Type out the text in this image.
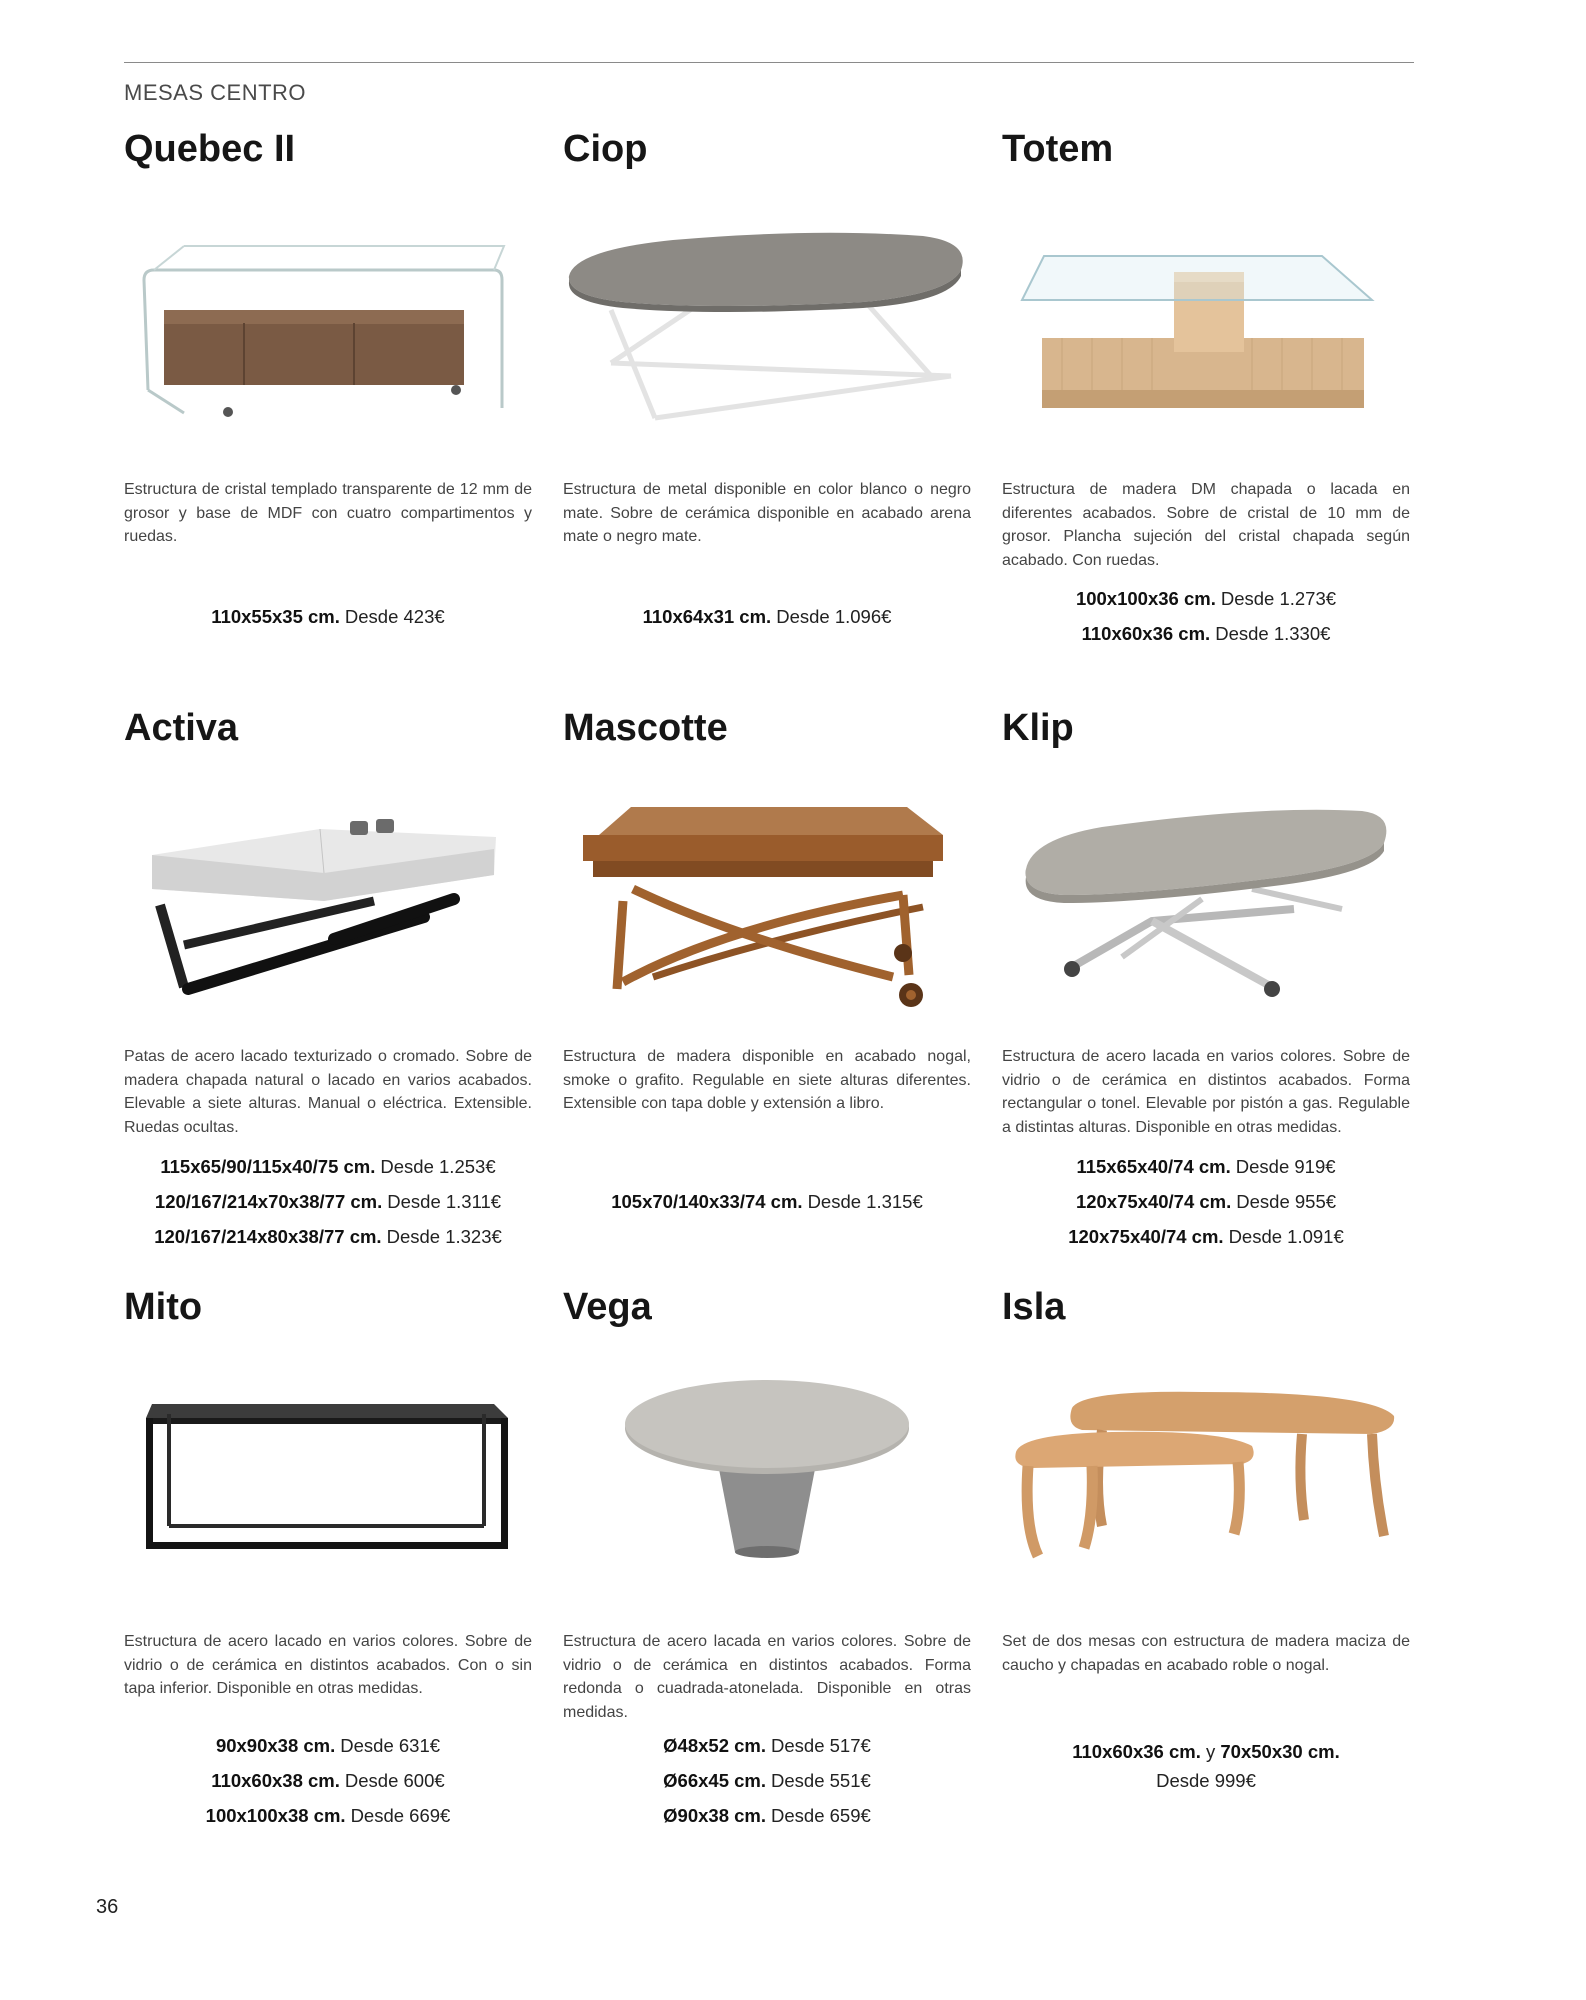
MESAS CENTRO
Quebec II
Estructura de cristal templado transparente de 12 mm de grosor y base de MDF con cuatro compartimentos y ruedas.
110x55x35 cm. Desde 423€
Ciop
Estructura de metal disponible en color blanco o negro mate. Sobre de cerámica disponible en acabado arena mate o negro mate.
110x64x31 cm. Desde 1.096€
Totem
Estructura de madera DM chapada o lacada en diferentes acabados. Sobre de cristal de 10 mm de grosor. Plancha sujeción del cristal chapada según acabado. Con ruedas.
100x100x36 cm. Desde 1.273€
110x60x36 cm. Desde 1.330€
Activa
Patas de acero lacado texturizado o cromado. Sobre de madera chapada natural o lacado en varios acabados. Elevable a siete alturas. Manual o eléctrica. Extensible. Ruedas ocultas.
115x65/90/115x40/75 cm. Desde 1.253€
120/167/214x70x38/77 cm. Desde 1.311€
120/167/214x80x38/77 cm. Desde 1.323€
Mascotte
Estructura de madera disponible en acabado nogal, smoke o grafito. Regulable en siete alturas diferentes. Extensible con tapa doble y extensión a libro.
105x70/140x33/74 cm. Desde 1.315€
Klip
Estructura de acero lacada en varios colores. Sobre de vidrio o de cerámica en distintos acabados. Forma rectangular o tonel. Elevable por pistón a gas. Regulable a distintas alturas. Disponible en otras medidas.
115x65x40/74 cm. Desde 919€
120x75x40/74 cm. Desde 955€
120x75x40/74 cm. Desde 1.091€
Mito
Estructura de acero lacado en varios colores. Sobre de vidrio o de cerámica en distintos acabados. Con o sin tapa inferior. Disponible en otras medidas.
90x90x38 cm. Desde 631€
110x60x38 cm. Desde 600€
100x100x38 cm. Desde 669€
Vega
Estructura de acero lacada en varios colores. Sobre de vidrio o de cerámica en distintos acabados. Forma redonda o cuadrada-atonelada. Disponible en otras medidas.
Ø48x52 cm. Desde 517€
Ø66x45 cm. Desde 551€
Ø90x38 cm. Desde 659€
Isla
Set de dos mesas con estructura de madera maciza de caucho y chapadas en acabado roble o nogal.
110x60x36 cm. y 70x50x30 cm.
Desde 999€
36
